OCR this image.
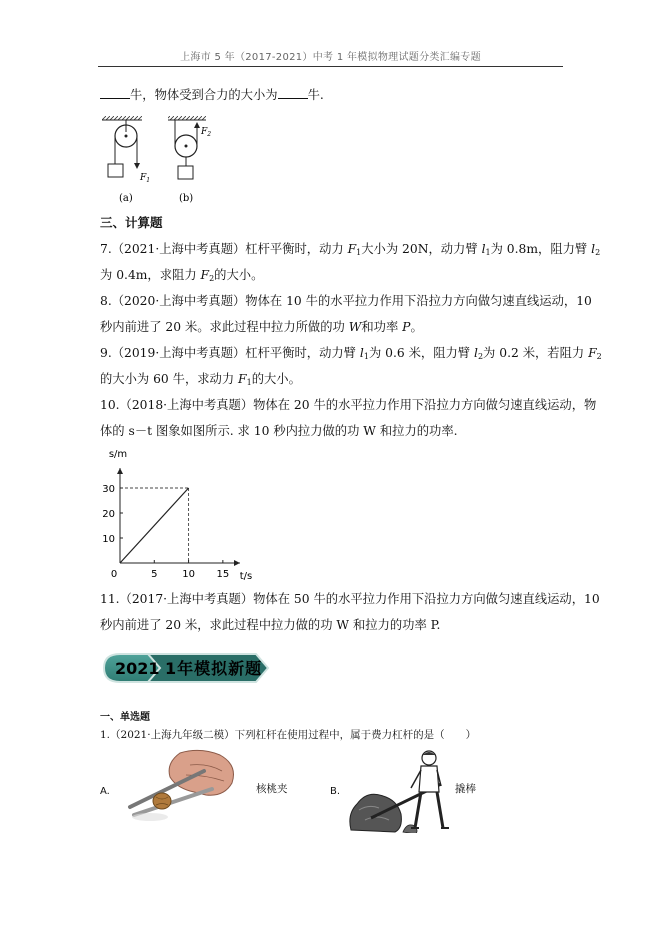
上海市 5 年（2017-2021）中考 1 年模拟物理试题分类汇编专题
牛，物体受到合力的大小为 牛.
$F_1$
(a)
$F_2$
(b)
三、计算题
7.（2021·上海中考真题）杠杆平衡时，动力 $F_1$大小为 20N，动力臂 $l_1$为 0.8m，阻力臂 $l_2$
为 0.4m，求阻力 $F_2$的大小。
8.（2020·上海中考真题）物体在 10 牛的水平拉力作用下沿拉力方向做匀速直线运动，10
秒内前进了 20 米。求此过程中拉力所做的功 W和功率 P。
9.（2019·上海中考真题）杠杆平衡时，动力臂 $l_1$为 0.6 米，阻力臂 $l_2$为 0.2 米，若阻力 $F_2$
的大小为 60 牛，求动力 $F_1$的大小。
10.（2018·上海中考真题）物体在 20 牛的水平拉力作用下沿拉力方向做匀速直线运动，物
体的 s－t 图象如图所示. 求 10 秒内拉力做的功 W 和拉力的功率.
5 10 15
10
20
30
0
s/m
t/s
11.（2017·上海中考真题）物体在 50 牛的水平拉力作用下沿拉力方向做匀速直线运动，10
秒内前进了 20 米，求此过程中拉力做的功 W 和拉力的功率 P.
2021 1年模拟新题
一、单选题
1.（2021·上海九年级二模）下列杠杆在使用过程中，属于费力杠杆的是（　　）
A.	核桃夹	B.	撬棒
